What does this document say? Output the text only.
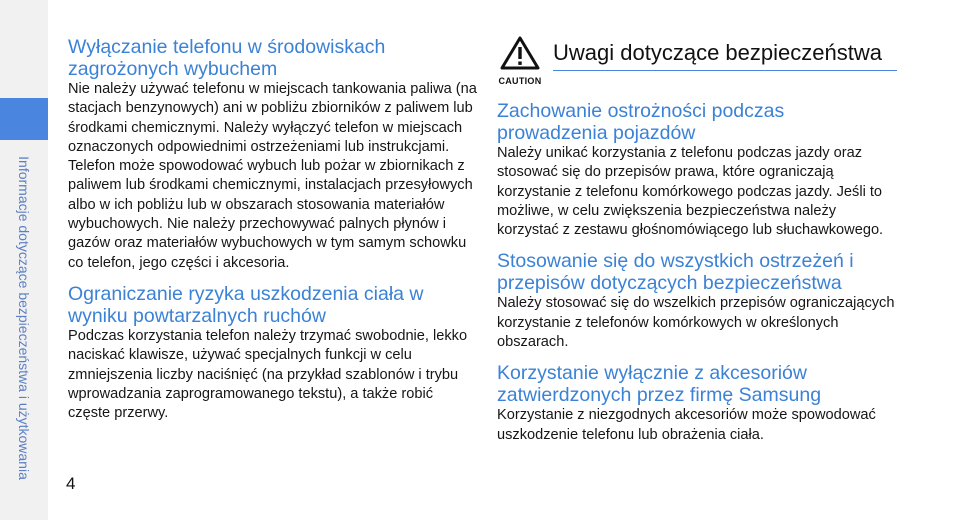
Informacje dotyczące bezpieczeństwa i użytkowania
4
Wyłączanie telefonu w środowiskach zagrożonych wybuchem

Nie należy używać telefonu w miejscach tankowania paliwa (na stacjach benzynowych) ani w pobliżu zbiorników z paliwem lub środkami chemicznymi. Należy wyłączyć telefon w miejscach oznaczonych odpowiednimi ostrzeżeniami lub instrukcjami. Telefon może spowodować wybuch lub pożar w zbiornikach z paliwem lub środkami chemicznymi, instalacjach przesyłowych albo w ich pobliżu lub w obszarach stosowania materiałów wybuchowych. Nie należy przechowywać palnych płynów i gazów oraz materiałów wybuchowych w tym samym schowku co telefon, jego części i akcesoria.

Ograniczanie ryzyka uszkodzenia ciała w wyniku powtarzalnych ruchów

Podczas korzystania telefon należy trzymać swobodnie, lekko naciskać klawisze, używać specjalnych funkcji w celu zmniejszenia liczby naciśnięć (na przykład szablonów i trybu wprowadzania zaprogramowanego tekstu), a także robić częste przerwy.

CAUTION
Uwagi dotyczące bezpieczeństwa
Zachowanie ostrożności podczas prowadzenia pojazdów

Należy unikać korzystania z telefonu podczas jazdy oraz stosować się do przepisów prawa, które ograniczają korzystanie z telefonu komórkowego podczas jazdy. Jeśli to możliwe, w celu zwiększenia bezpieczeństwa należy korzystać z zestawu głośnomówiącego lub słuchawkowego.

Stosowanie się do wszystkich ostrzeżeń i przepisów dotyczących bezpieczeństwa

Należy stosować się do wszelkich przepisów ograniczających korzystanie z telefonów komórkowych w określonych obszarach.

Korzystanie wyłącznie z akcesoriów zatwierdzonych przez firmę Samsung

Korzystanie z niezgodnych akcesoriów może spowodować uszkodzenie telefonu lub obrażenia ciała.
